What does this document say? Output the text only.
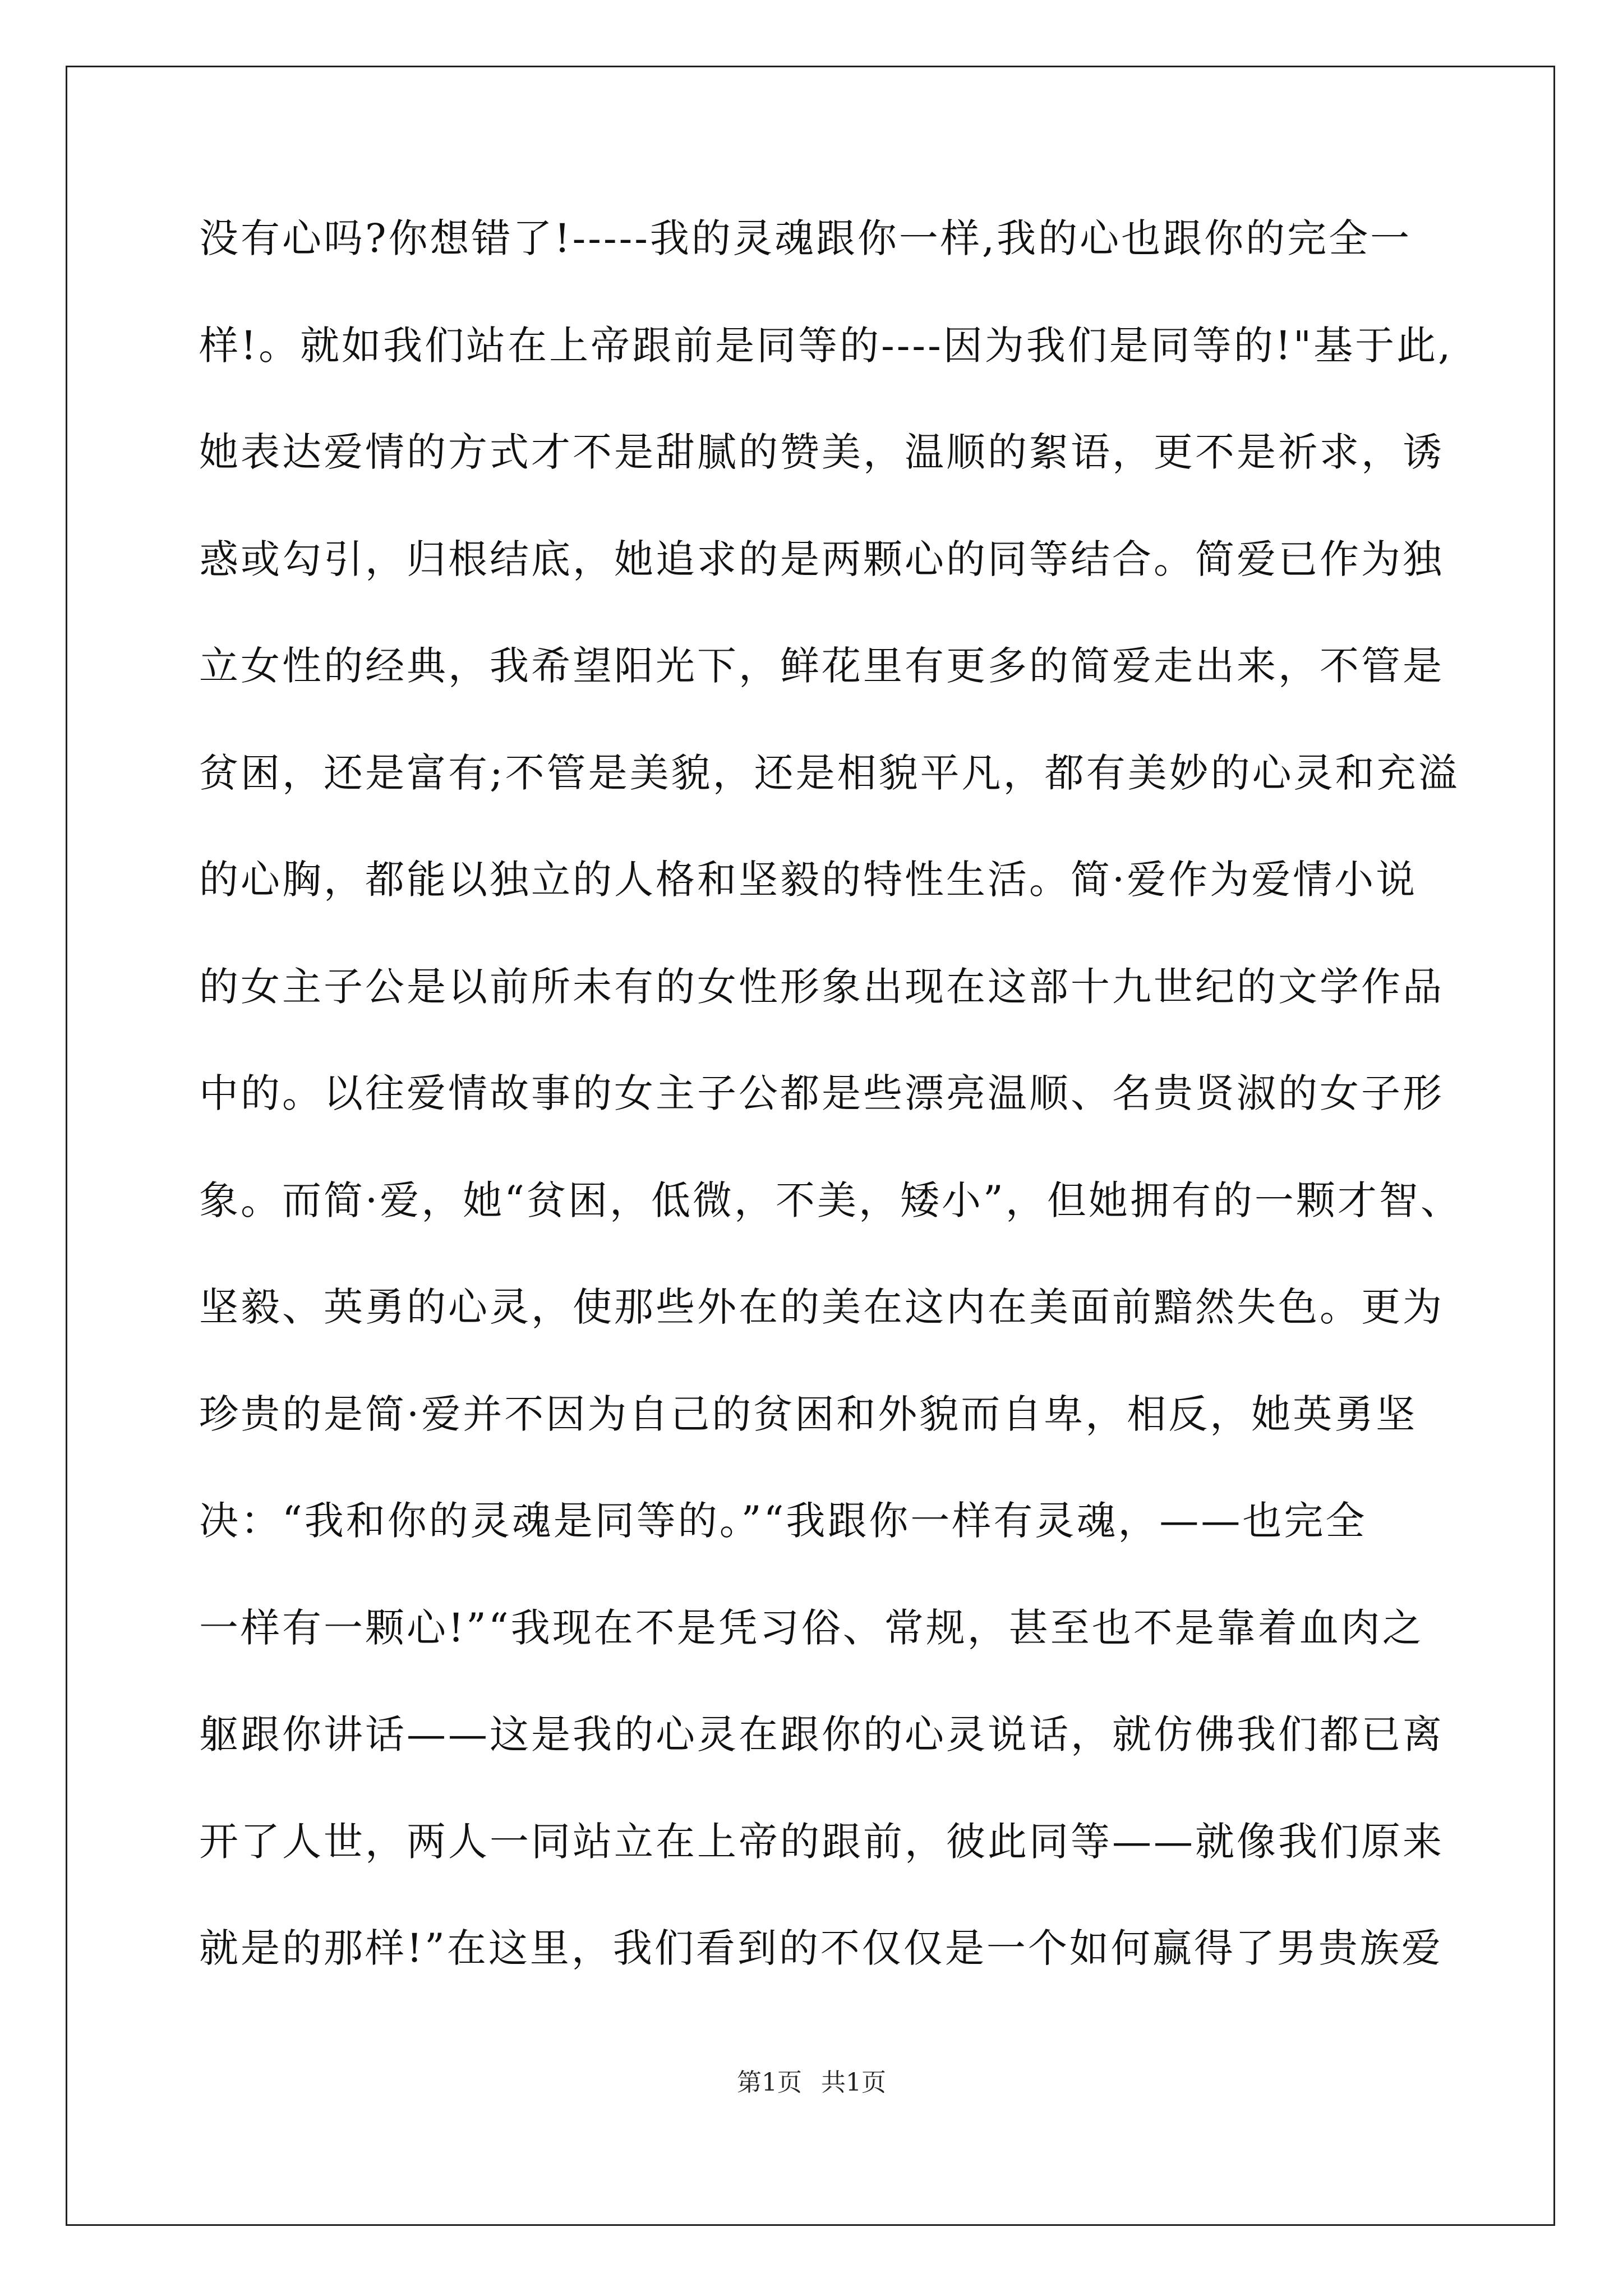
没有心吗?你想错了!-----我的灵魂跟你一样,我的心也跟你的完全一
样!。就如我们站在上帝跟前是同等的----因为我们是同等的!"基于此,
她表达爱情的方式才不是甜腻的赞美，温顺的絮语，更不是祈求，诱
惑或勾引，归根结底，她追求的是两颗心的同等结合。简爱已作为独
立女性的经典，我希望阳光下，鲜花里有更多的简爱走出来，不管是
贫困，还是富有;不管是美貌，还是相貌平凡，都有美妙的心灵和充溢
的心胸，都能以独立的人格和坚毅的特性生活。简·爱作为爱情小说
的女主子公是以前所未有的女性形象出现在这部十九世纪的文学作品
中的。以往爱情故事的女主子公都是些漂亮温顺、名贵贤淑的女子形
象。而简·爱，她“贫困，低微，不美，矮小”，但她拥有的一颗才智、
坚毅、英勇的心灵，使那些外在的美在这内在美面前黯然失色。更为
珍贵的是简·爱并不因为自己的贫困和外貌而自卑，相反，她英勇坚
决：“我和你的灵魂是同等的。”“我跟你一样有灵魂，——也完全
一样有一颗心!”“我现在不是凭习俗、常规，甚至也不是靠着血肉之
躯跟你讲话——这是我的心灵在跟你的心灵说话，就仿佛我们都已离
开了人世，两人一同站立在上帝的跟前，彼此同等——就像我们原来
就是的那样!”在这里，我们看到的不仅仅是一个如何赢得了男贵族爱
第1页 共1页
